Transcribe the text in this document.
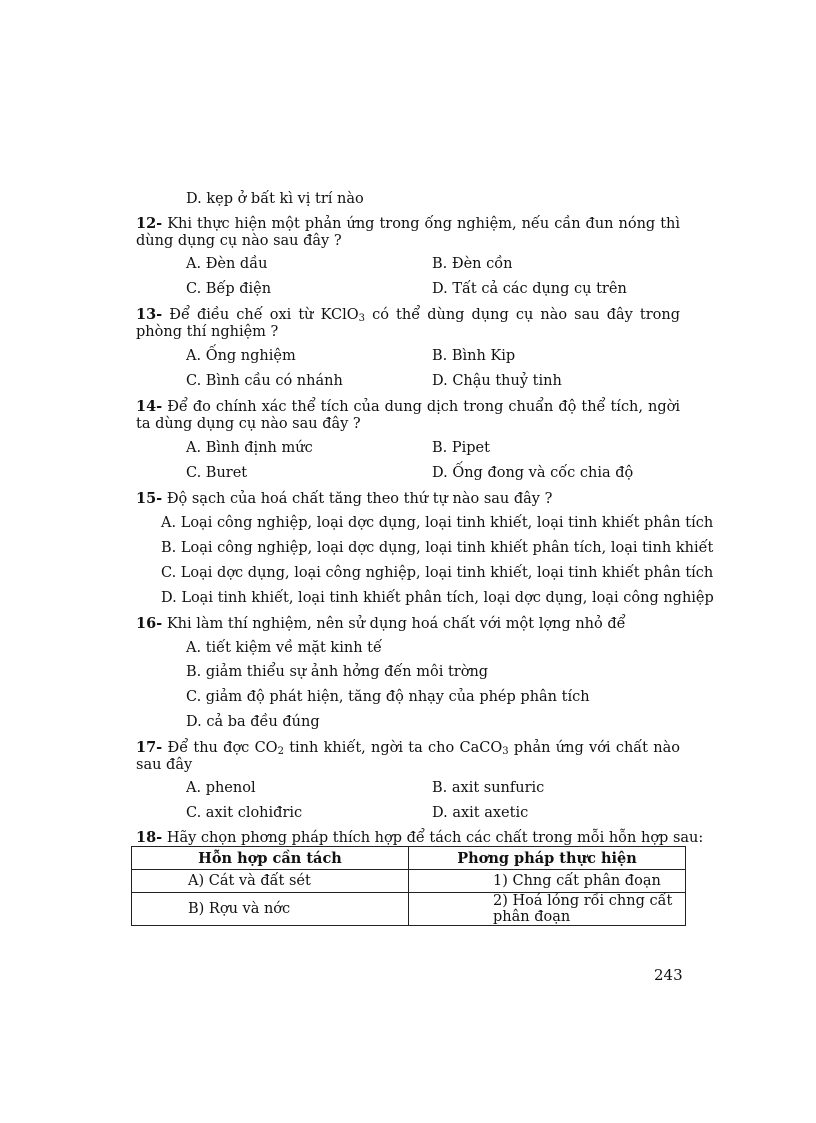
D. kẹp ở bất kì vị trí nào
12- Khi thực hiện một phản ứng trong ống nghiệm, nếu cần đun nóng thì dùng dụng cụ nào sau đây ?
A. Đèn dầu	B. Đèn cồn
C. Bếp điện	D. Tất cả các dụng cụ trên
13- Để điều chế oxi từ KClO$_3$ có thể dùng dụng cụ nào sau đây trong phòng thí nghiệm ?
A. Ống nghiệm	B. Bình Kip
C. Bình cầu có nhánh	D. Chậu thuỷ tinh
14- Để đo chính xác thể tích của dung dịch trong chuẩn độ thể tích, ngời ta dùng dụng cụ nào sau đây ?
A. Bình định mức	B. Pipet
C. Buret	D. Ống đong và cốc chia độ
15- Độ sạch của hoá chất tăng theo thứ tự nào sau đây ?
A. Loại công nghiệp, loại dợc dụng, loại tinh khiết, loại tinh khiết phân tích
B. Loại công nghiệp, loại dợc dụng, loại tinh khiết phân tích, loại tinh khiết
C. Loại dợc dụng, loại công nghiệp, loại tinh khiết, loại tinh khiết phân tích
D. Loại tinh khiết, loại tinh khiết phân tích, loại dợc dụng, loại công nghiệp
16- Khi làm thí nghiệm, nên sử dụng hoá chất với một lợng nhỏ để
A. tiết kiệm về mặt kinh tế
B. giảm thiểu sự ảnh hởng đến môi trờng
C. giảm độ phát hiện, tăng độ nhạy của phép phân tích
D. cả ba đều đúng
17- Để thu đợc $CO_2$ tinh khiết, ngời ta cho CaCO$_3$ phản ứng với chất nào sau đây
A. phenol	B. axit sunfuric
C. axit clohiđric	D. axit axetic
18- Hãy chọn phơng pháp thích hợp để tách các chất trong mỗi hỗn hợp sau:
Hỗn hợp cần tách	Phơng pháp thực hiện
A) Cát và đất sét	1) Chng cất phân đoạn
B) Rợu và nớc	2) Hoá lỏng rồi chng cất phân đoạn
243
